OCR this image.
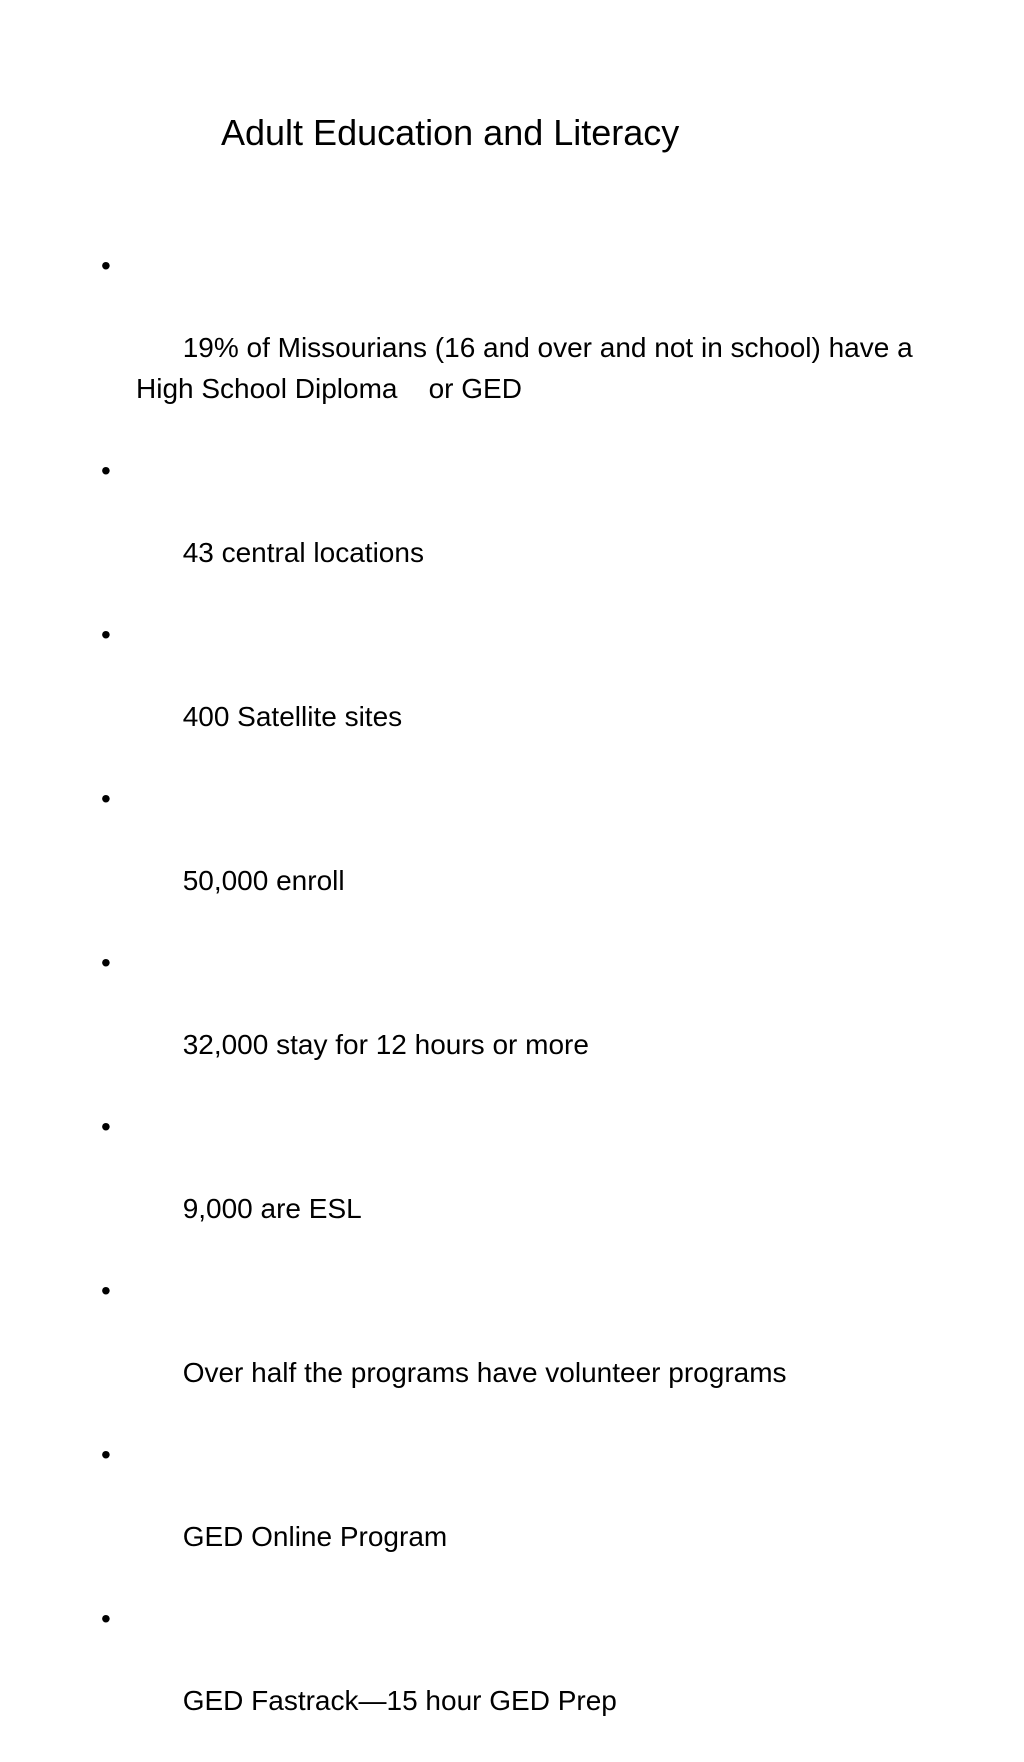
Adult Education and Literacy

•

19% of Missourians (16 and over and not in school) have a High School Diploma    or GED

•

43 central locations

•

400 Satellite sites

•

50,000 enroll

•

32,000 stay for 12 hours or more

•

9,000 are ESL

•

Over half the programs have volunteer programs

•

GED Online Program

•

GED Fastrack—15 hour GED Prep
